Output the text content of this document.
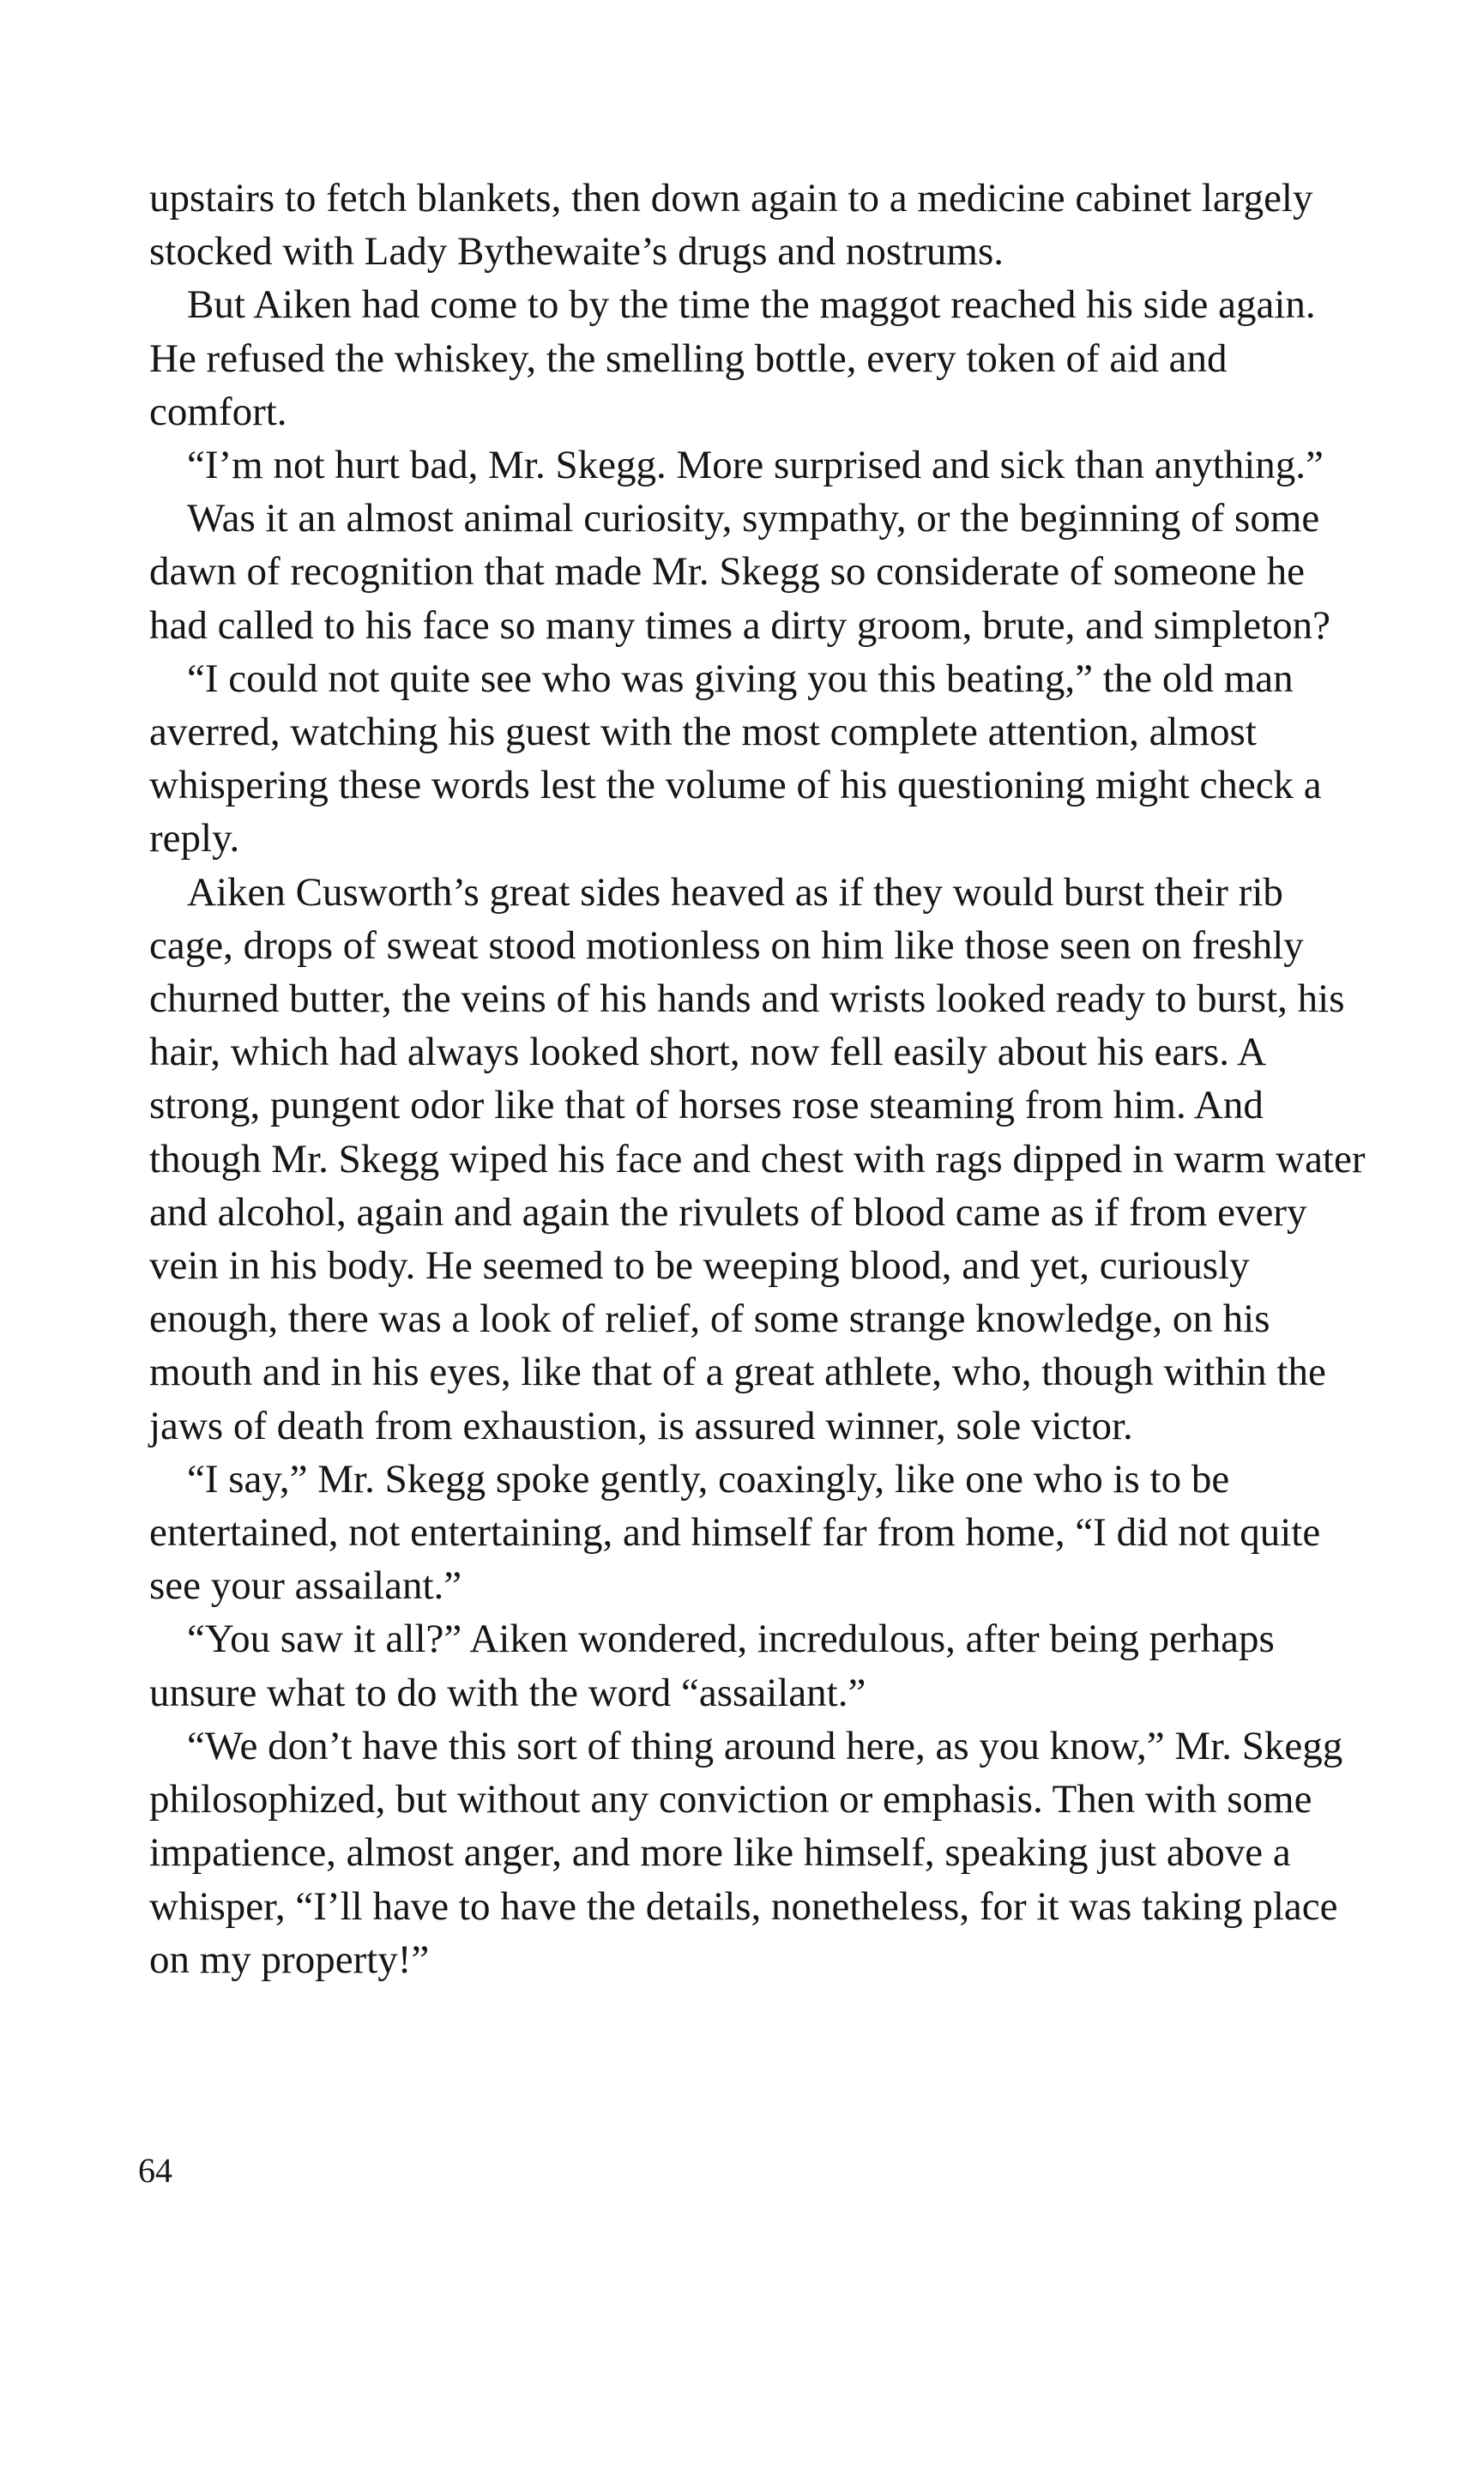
upstairs to fetch blankets, then down again to a medicine cabinet largely stocked with Lady Bythewaite’s drugs and nostrums.

But Aiken had come to by the time the maggot reached his side again. He refused the whiskey, the smelling bottle, every token of aid and comfort.

“I’m not hurt bad, Mr. Skegg. More surprised and sick than anything.”

Was it an almost animal curiosity, sympathy, or the beginning of some dawn of recognition that made Mr. Skegg so considerate of someone he had called to his face so many times a dirty groom, brute, and simpleton?

“I could not quite see who was giving you this beating,” the old man averred, watching his guest with the most complete attention, almost whispering these words lest the volume of his questioning might check a reply.

Aiken Cusworth’s great sides heaved as if they would burst their rib cage, drops of sweat stood motionless on him like those seen on freshly churned butter, the veins of his hands and wrists looked ready to burst, his hair, which had always looked short, now fell easily about his ears. A strong, pungent odor like that of horses rose steaming from him. And though Mr. Skegg wiped his face and chest with rags dipped in warm water and alcohol, again and again the rivulets of blood came as if from every vein in his body. He seemed to be weeping blood, and yet, curiously enough, there was a look of relief, of some strange knowledge, on his mouth and in his eyes, like that of a great athlete, who, though within the jaws of death from exhaustion, is assured winner, sole victor.

“I say,” Mr. Skegg spoke gently, coaxingly, like one who is to be entertained, not entertaining, and himself far from home, “I did not quite see your assailant.”

“You saw it all?” Aiken wondered, incredulous, after being perhaps unsure what to do with the word “assailant.”

“We don’t have this sort of thing around here, as you know,” Mr. Skegg philosophized, but without any conviction or emphasis. Then with some impatience, almost anger, and more like himself, speaking just above a whisper, “I’ll have to have the details, nonetheless, for it was taking place on my property!”

64
